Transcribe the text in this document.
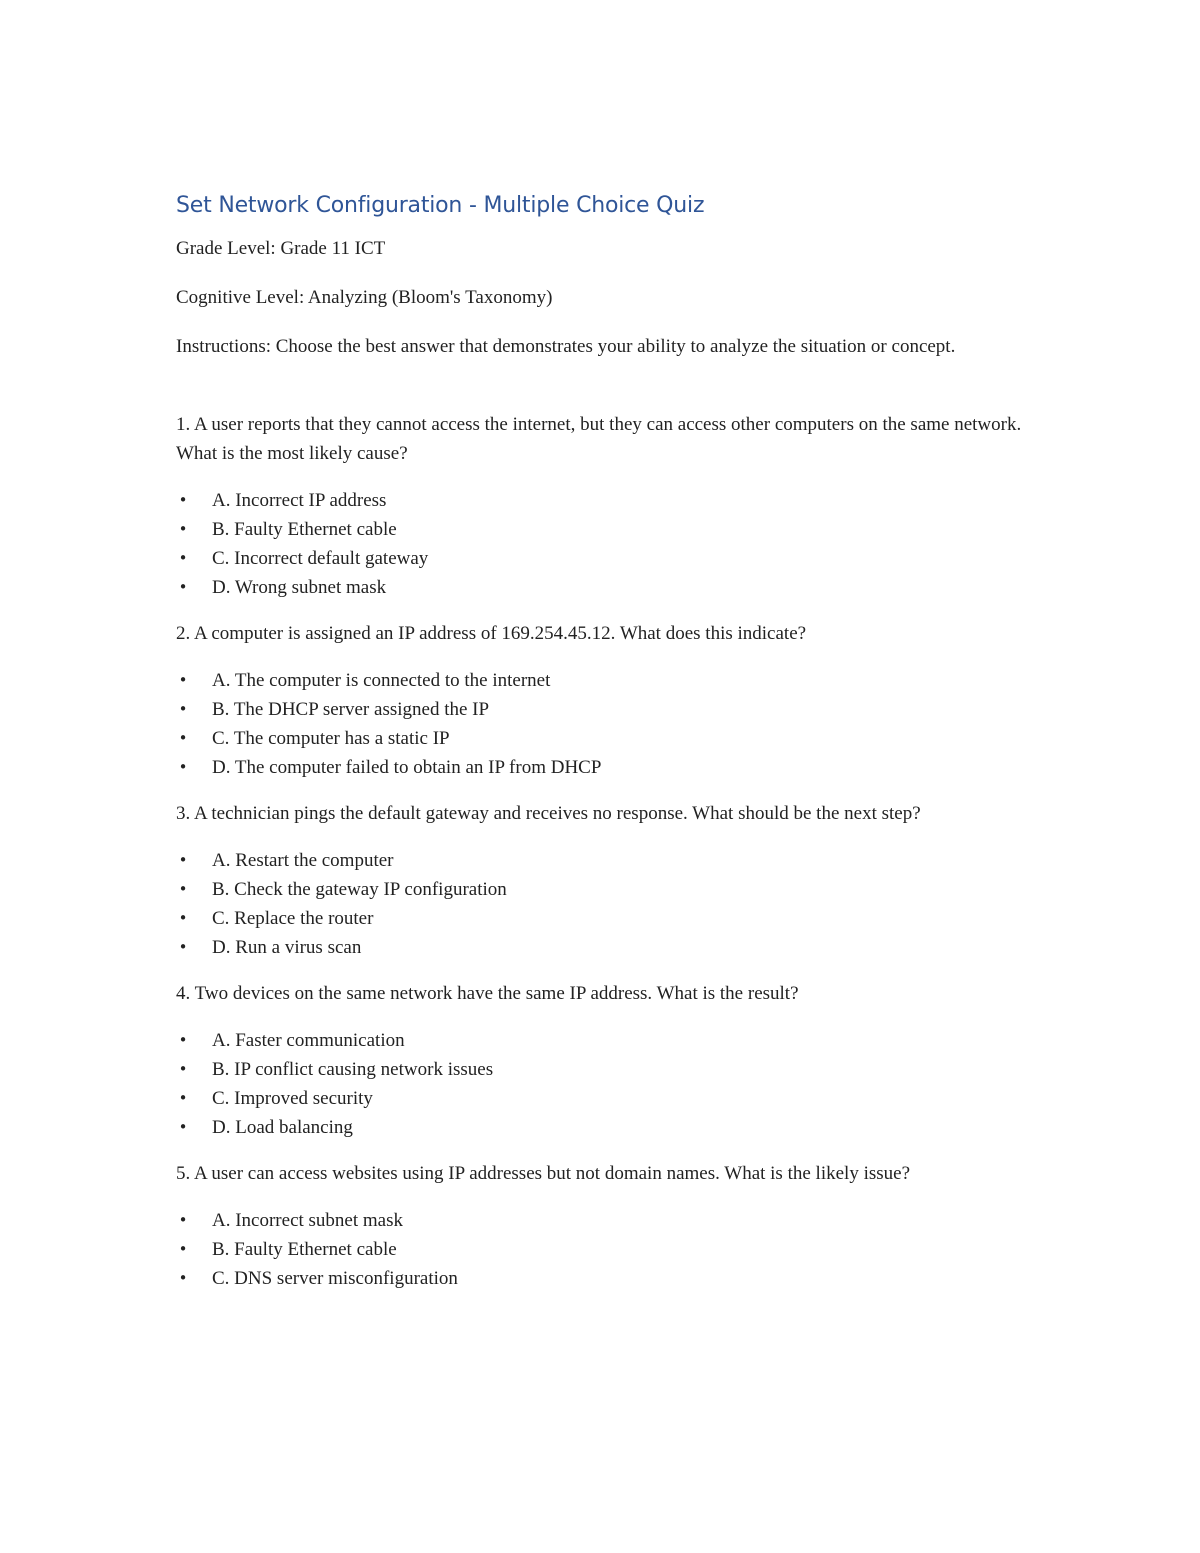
Set Network Configuration - Multiple Choice Quiz

Grade Level: Grade 11 ICT

Cognitive Level: Analyzing (Bloom's Taxonomy)

Instructions: Choose the best answer that demonstrates your ability to analyze the situation or concept.

1. A user reports that they cannot access the internet, but they can access other computers on the same network. What is the most likely cause?

• A. Incorrect IP address
• B. Faulty Ethernet cable
• C. Incorrect default gateway
• D. Wrong subnet mask

2. A computer is assigned an IP address of 169.254.45.12. What does this indicate?

• A. The computer is connected to the internet
• B. The DHCP server assigned the IP
• C. The computer has a static IP
• D. The computer failed to obtain an IP from DHCP

3. A technician pings the default gateway and receives no response. What should be the next step?

• A. Restart the computer
• B. Check the gateway IP configuration
• C. Replace the router
• D. Run a virus scan

4. Two devices on the same network have the same IP address. What is the result?

• A. Faster communication
• B. IP conflict causing network issues
• C. Improved security
• D. Load balancing

5. A user can access websites using IP addresses but not domain names. What is the likely issue?

• A. Incorrect subnet mask
• B. Faulty Ethernet cable
• C. DNS server misconfiguration
